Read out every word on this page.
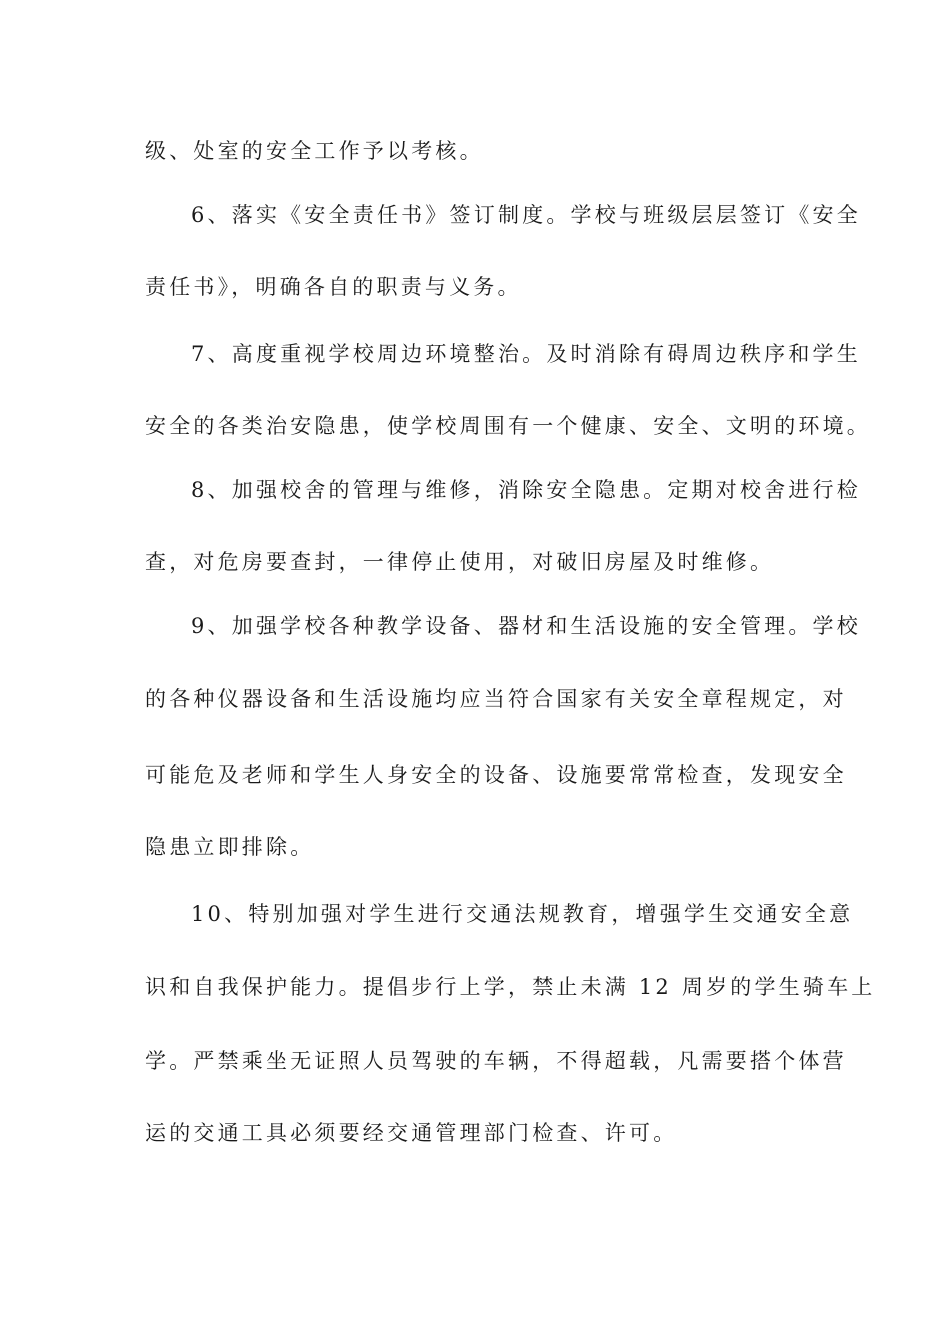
级、处室的安全工作予以考核。
6、落实《安全责任书》签订制度。学校与班级层层签订《安全
责任书》，明确各自的职责与义务。
7、高度重视学校周边环境整治。及时消除有碍周边秩序和学生
安全的各类治安隐患，使学校周围有一个健康、安全、文明的环境。
8、加强校舍的管理与维修，消除安全隐患。定期对校舍进行检
查，对危房要查封，一律停止使用，对破旧房屋及时维修。
9、加强学校各种教学设备、器材和生活设施的安全管理。学校
的各种仪器设备和生活设施均应当符合国家有关安全章程规定，对
可能危及老师和学生人身安全的设备、设施要常常检查，发现安全
隐患立即排除。
10、特别加强对学生进行交通法规教育，增强学生交通安全意
识和自我保护能力。提倡步行上学，禁止未满 12 周岁的学生骑车上
学。严禁乘坐无证照人员驾驶的车辆，不得超载，凡需要搭个体营
运的交通工具必须要经交通管理部门检查、许可。
